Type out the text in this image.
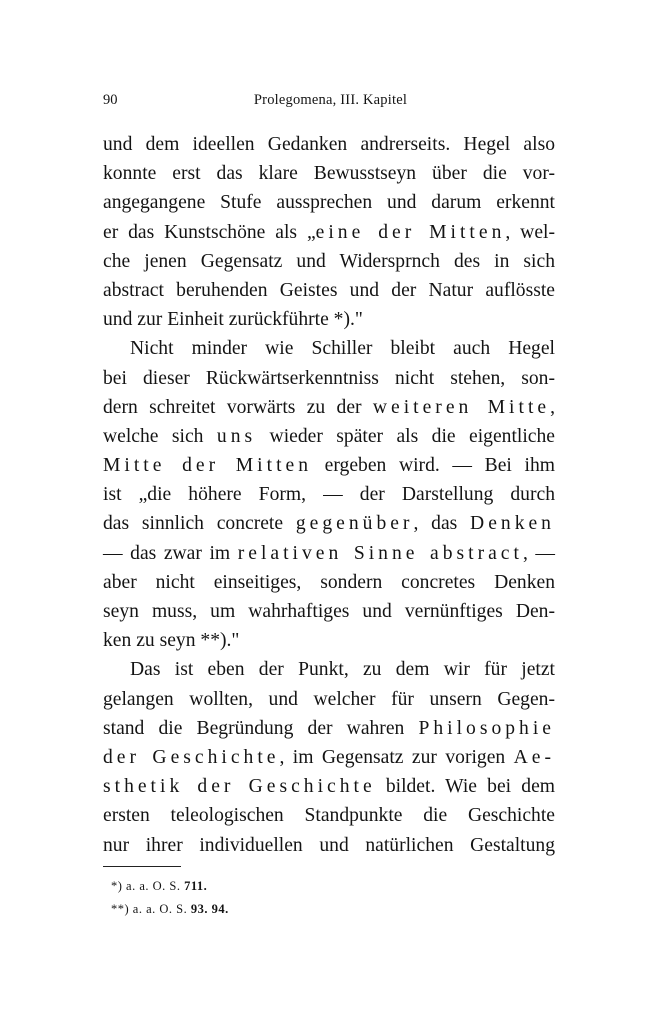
90	Prolegomena, III. Kapitel
und dem ideellen Gedanken andrerseits. Hegel also
konnte erst das klare Bewusstseyn über die vor-
angegangene Stufe aussprechen und darum erkennt
er das Kunstschöne als „eine der Mitten, wel-
che jenen Gegensatz und Widersprnch des in sich
abstract beruhenden Geistes und der Natur auflösste
und zur Einheit zurückführte *)."
Nicht minder wie Schiller bleibt auch Hegel
bei dieser Rückwärtserkenntniss nicht stehen, son-
dern schreitet vorwärts zu der weiteren Mitte,
welche sich uns wieder später als die eigentliche
Mitte der Mitten ergeben wird. — Bei ihm
ist „die höhere Form, — der Darstellung durch
das sinnlich concrete gegenüber, das Denken
— das zwar im relativen Sinne abstract, —
aber nicht einseitiges, sondern concretes Denken
seyn muss, um wahrhaftiges und vernünftiges Den-
ken zu seyn **)."
Das ist eben der Punkt, zu dem wir für jetzt
gelangen wollten, und welcher für unsern Gegen-
stand die Begründung der wahren Philosophie
der Geschichte, im Gegensatz zur vorigen Ae-
sthetik der Geschichte bildet. Wie bei dem
ersten teleologischen Standpunkte die Geschichte
nur ihrer individuellen und natürlichen Gestaltung
*) a. a. O. S. 711.
**) a. a. O. S. 93. 94.
